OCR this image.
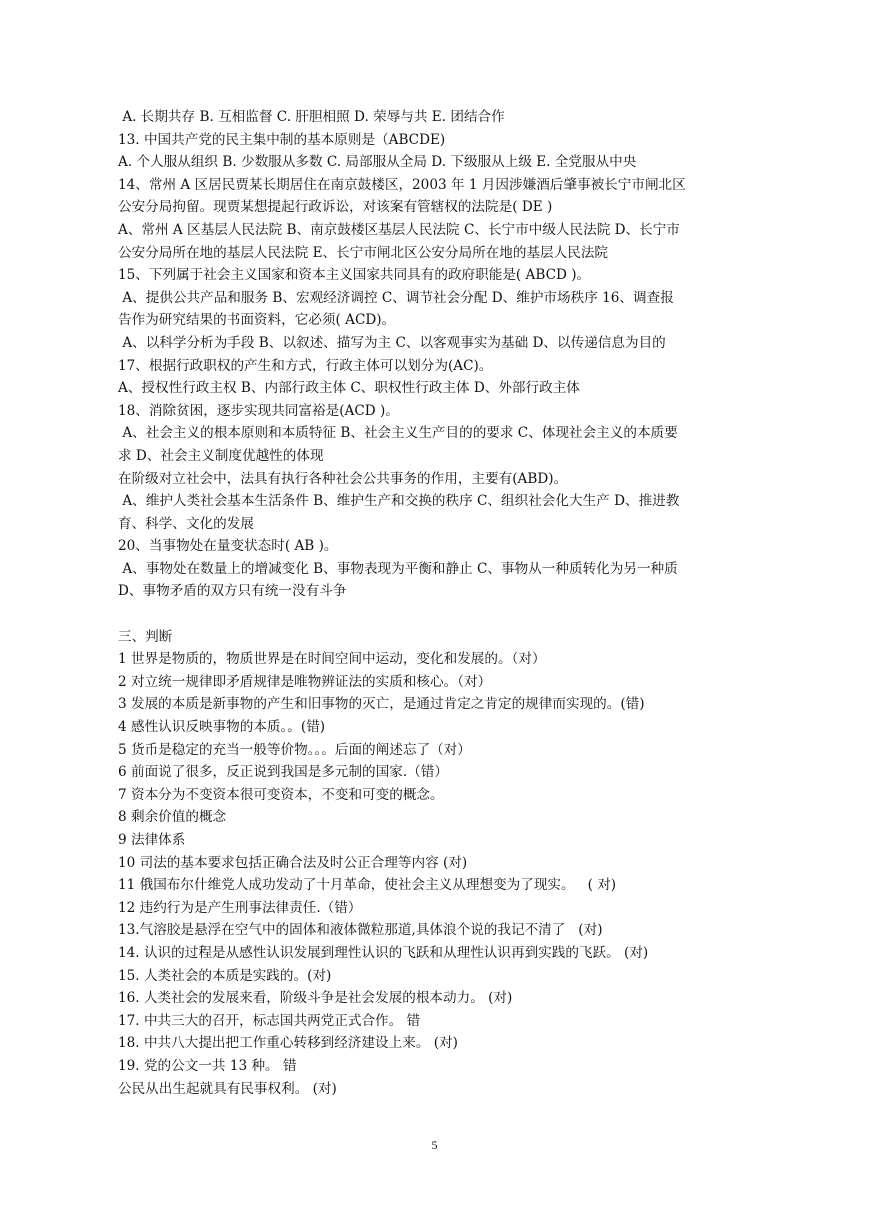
A. 长期共存 B. 互相监督 C. 肝胆相照 D. 荣辱与共 E. 团结合作
13. 中国共产党的民主集中制的基本原则是（ABCDE)
A. 个人服从组织 B. 少数服从多数 C. 局部服从全局 D. 下级服从上级 E. 全党服从中央
14、常州 A 区居民贾某长期居住在南京鼓楼区，2003 年 1 月因涉嫌酒后肇事被长宁市闸北区
公安分局拘留。现贾某想提起行政诉讼，对该案有管辖权的法院是( DE )
A、常州 A 区基层人民法院 B、南京鼓楼区基层人民法院 C、长宁市中级人民法院 D、长宁市
公安分局所在地的基层人民法院 E、长宁市闸北区公安分局所在地的基层人民法院
15、下列属于社会主义国家和资本主义国家共同具有的政府职能是( ABCD )。
A、提供公共产品和服务 B、宏观经济调控 C、调节社会分配 D、维护市场秩序 16、调查报
告作为研究结果的书面资料，它必须( ACD)。
A、以科学分析为手段 B、以叙述、描写为主 C、以客观事实为基础 D、以传递信息为目的
17、根据行政职权的产生和方式，行政主体可以划分为(AC)。
A、授权性行政主权 B、内部行政主体 C、职权性行政主体 D、外部行政主体
18、消除贫困，逐步实现共同富裕是(ACD )。
A、社会主义的根本原则和本质特征 B、社会主义生产目的的要求 C、体现社会主义的本质要
求 D、社会主义制度优越性的体现
在阶级对立社会中，法具有执行各种社会公共事务的作用，主要有(ABD)。
A、维护人类社会基本生活条件 B、维护生产和交换的秩序 C、组织社会化大生产 D、推进教
育、科学、文化的发展
20、当事物处在量变状态时( AB )。
A、事物处在数量上的增减变化 B、事物表现为平衡和静止 C、事物从一种质转化为另一种质
D、事物矛盾的双方只有统一没有斗争
三、判断
1 世界是物质的，物质世界是在时间空间中运动，变化和发展的。（对）
2 对立统一规律即矛盾规律是唯物辨证法的实质和核心。（对）
3 发展的本质是新事物的产生和旧事物的灭亡，是通过肯定之肯定的规律而实现的。(错)
4 感性认识反映事物的本质。。(错)
5 货币是稳定的充当一般等价物。。。后面的阐述忘了（对）
6 前面说了很多，反正说到我国是多元制的国家.（错）
7 资本分为不变资本很可变资本，不变和可变的概念。
8 剩余价值的概念
9 法律体系
10 司法的基本要求包括正确合法及时公正合理等内容 (对)
11 俄国布尔什维党人成功发动了十月革命，使社会主义从理想变为了现实。   ( 对)
12 违约行为是产生刑事法律责任.（错）
13.气溶胶是悬浮在空气中的固体和液体微粒那道,具体浪个说的我记不清了   (对)
14. 认识的过程是从感性认识发展到理性认识的飞跃和从理性认识再到实践的飞跃。 (对)
15. 人类社会的本质是实践的。(对)
16. 人类社会的发展来看，阶级斗争是社会发展的根本动力。 (对)
17. 中共三大的召开，标志国共两党正式合作。 错
18. 中共八大提出把工作重心转移到经济建设上来。 (对)
19. 党的公文一共 13 种。 错
公民从出生起就具有民事权利。 (对)
5
